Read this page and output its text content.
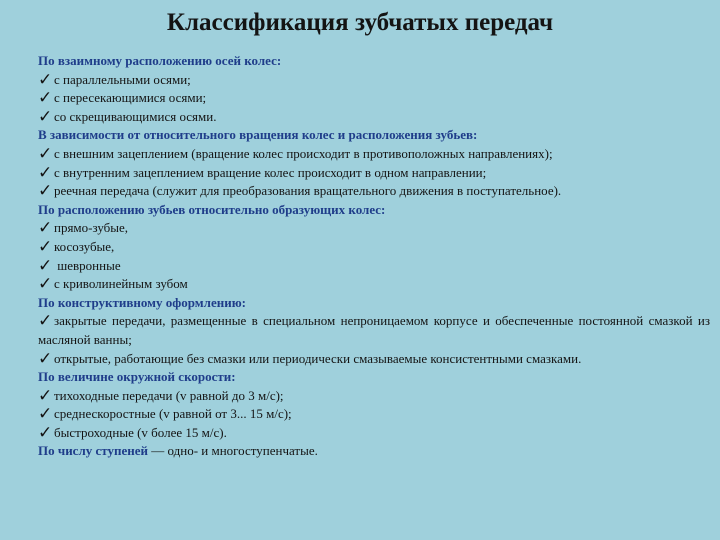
Классификация зубчатых передач
По взаимному расположению осей колес:
✓ с параллельными осями;
✓ с пересекающимися осями;
✓ со скрещивающимися осями.
В зависимости от относительного вращения колес и расположения зубьев:
✓ с внешним зацеплением (вращение колес происходит в противоположных направлениях);
✓ с внутренним зацеплением вращение колес происходит в одном направлении;
✓ реечная передача (служит для преобразования вращательного движения в поступательное).
По расположению зубьев относительно образующих колес:
✓ прямо-зубые,
✓ косозубые,
✓ шевронные
✓ с криволинейным зубом
По конструктивному оформлению:
✓ закрытые передачи, размещенные в специальном непроницаемом корпусе и обеспеченные постоянной смазкой из масляной ванны;
✓ открытые, работающие без смазки или периодически смазываемые консистентными смазками.
По величине окружной скорости:
✓ тихоходные передачи (v равной до 3 м/с);
✓ среднескоростные (v равной от 3... 15 м/с);
✓ быстроходные (v более 15 м/с).
По числу ступеней — одно- и многоступенчатые.
